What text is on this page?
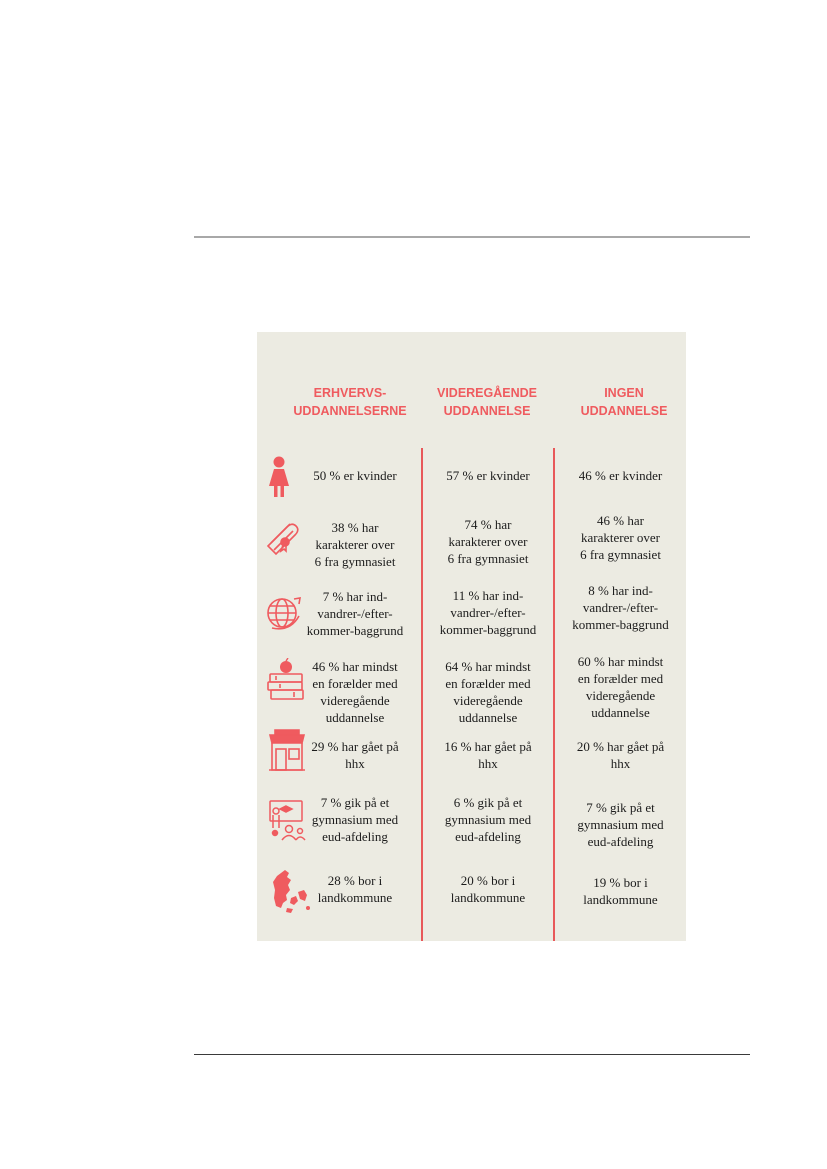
ERHVERVS-
UDDANNELSERNE
VIDEREGÅENDE
UDDANNELSE
INGEN
UDDANNELSE
50 % er kvinder	57 % er kvinder	46 % er kvinder
38 % har
karakterer over
6 fra gymnasiet
74 % har
karakterer over
6 fra gymnasiet
46 % har
karakterer over
6 fra gymnasiet
7 % har ind-
vandrer-/efter-
kommer-baggrund
11 % har ind-
vandrer-/efter-
kommer-baggrund
8 % har ind-
vandrer-/efter-
kommer-baggrund
46 % har mindst
en forælder med
videregående
uddannelse
64 % har mindst
en forælder med
videregående
uddannelse
60 % har mindst
en forælder med
videregående
uddannelse
29 % har gået på
hhx
16 % har gået på
hhx
20 % har gået på
hhx
7 % gik på et
gymnasium med
eud-afdeling
6 % gik på et
gymnasium med
eud-afdeling
7 % gik på et
gymnasium med
eud-afdeling
28 % bor i
landkommune
20 % bor i
landkommune
19 % bor i
landkommune
